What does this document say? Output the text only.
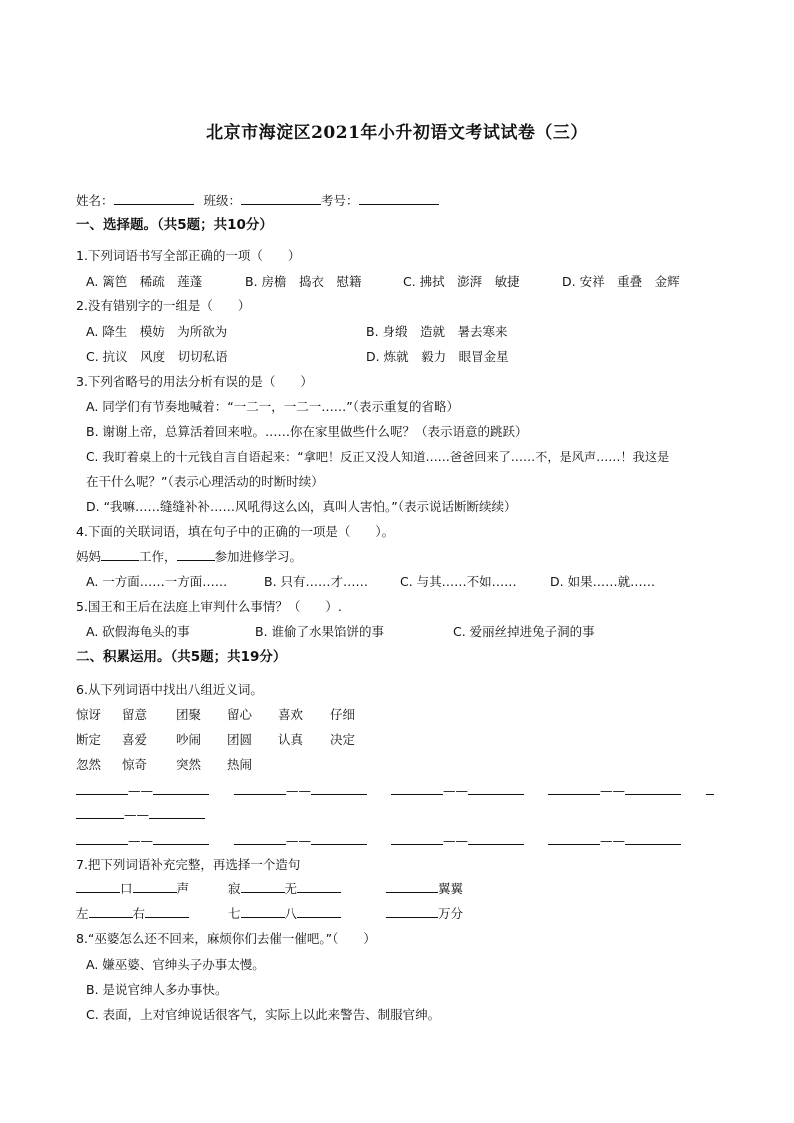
北京市海淀区2021年小升初语文考试试卷（三）
姓名：	班级：	考号：
一、选择题。（共5题；共10分）
1.下列词语书写全部正确的一项（　　）
A. 篱笆　稀疏　莲蓬	B. 房檐　捣衣　慰籍	C. 拂拭　澎湃　敏捷	D. 安祥　重叠　金辉
2.没有错别字的一组是（　　）
A. 降生　模妨　为所欲为	B. 身缎　造就　暑去寒来
C. 抗议　风度　切切私语	D. 炼就　毅力　眼冒金星
3.下列省略号的用法分析有误的是（　　）
A. 同学们有节奏地喊着：“一二一，一二一……”（表示重复的省略）
B. 谢谢上帝，总算活着回来啦。……你在家里做些什么呢？（表示语意的跳跃）
C. 我盯着桌上的十元钱自言自语起来：“拿吧！反正又没人知道……爸爸回来了……不，是风声……！我这是
在干什么呢？”（表示心理活动的时断时续）
D. “我嘛……缝缝补补……风吼得这么凶，真叫人害怕。”（表示说话断断续续）
4.下面的关联词语，填在句子中的正确的一项是（　　）。
妈妈	工作，	参加进修学习。
A. 一方面……一方面……	B. 只有……才……	C. 与其……不如……	D. 如果……就……
5.国王和王后在法庭上审判什么事情？（　　）.
A. 砍假海龟头的事	B. 谁偷了水果馅饼的事	C. 爱丽丝掉进兔子洞的事
二、积累运用。（共5题；共19分）
6.从下列词语中找出八组近义词。
惊讶 留意 团聚 留心 喜欢 仔细
断定 喜爱 吵闹 团圆 认真 决定
忽然 惊奇 突然 热闹
——	——	——	——
——
——	——	——	——
7.把下列词语补充完整，再选择一个造句
口	声	寂	无	翼翼
左	右	七	八	万分
8.“巫婆怎么还不回来，麻烦你们去催一催吧。”（　　）
A. 嫌巫婆、官绅头子办事太慢。
B. 是说官绅人多办事快。
C. 表面，上对官绅说话很客气，实际上以此来警告、制服官绅。
